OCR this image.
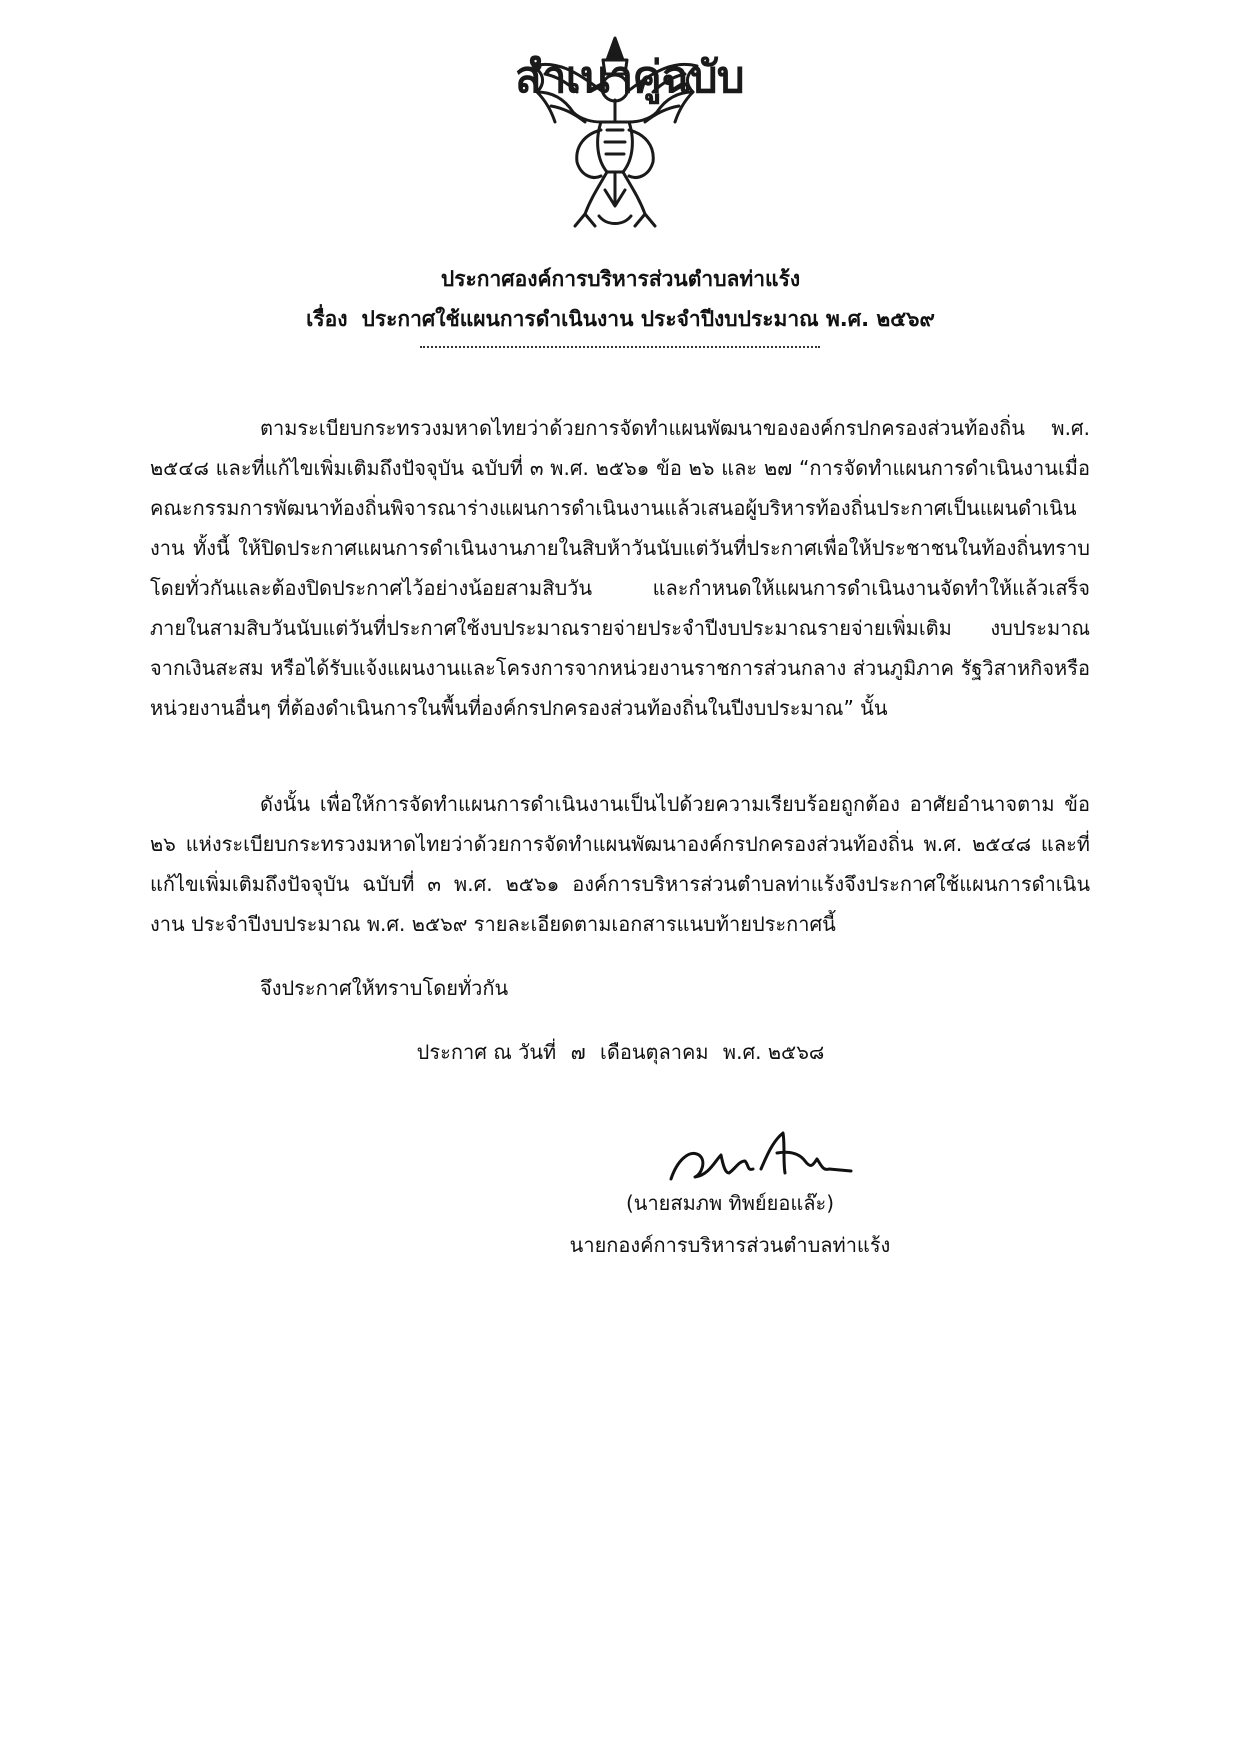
สำเนาคู่ฉบับ
ประกาศองค์การบริหารส่วนตำบลท่าแร้ง
เรื่อง ประกาศใช้แผนการดำเนินงาน ประจำปีงบประมาณ พ.ศ. ๒๕๖๙

ตามระเบียบกระทรวงมหาดไทยว่าด้วยการจัดทำแผนพัฒนาขององค์กรปกครองส่วนท้องถิ่น พ.ศ. ๒๕๔๘ และที่แก้ไขเพิ่มเติมถึงปัจจุบัน ฉบับที่ ๓ พ.ศ. ๒๕๖๑ ข้อ ๒๖ และ ๒๗ “การจัดทำแผนการดำเนินงานเมื่อคณะกรรมการพัฒนาท้องถิ่นพิจารณาร่างแผนการดำเนินงานแล้วเสนอผู้บริหารท้องถิ่นประกาศเป็นแผนดำเนินงาน ทั้งนี้ ให้ปิดประกาศแผนการดำเนินงานภายในสิบห้าวันนับแต่วันที่ประกาศเพื่อให้ประชาชนในท้องถิ่นทราบ โดยทั่วกันและต้องปิดประกาศไว้อย่างน้อยสามสิบวัน และกำหนดให้แผนการดำเนินงานจัดทำให้แล้วเสร็จภายในสามสิบวันนับแต่วันที่ประกาศใช้งบประมาณรายจ่ายประจำปีงบประมาณรายจ่ายเพิ่มเติม งบประมาณจากเงินสะสม หรือได้รับแจ้งแผนงานและโครงการจากหน่วยงานราชการส่วนกลาง ส่วนภูมิภาค รัฐวิสาหกิจหรือหน่วยงานอื่นๆ ที่ต้องดำเนินการในพื้นที่องค์กรปกครองส่วนท้องถิ่นในปีงบประมาณ” นั้น

ดังนั้น เพื่อให้การจัดทำแผนการดำเนินงานเป็นไปด้วยความเรียบร้อยถูกต้อง อาศัยอำนาจตาม ข้อ ๒๖ แห่งระเบียบกระทรวงมหาดไทยว่าด้วยการจัดทำแผนพัฒนาองค์กรปกครองส่วนท้องถิ่น พ.ศ. ๒๕๔๘ และที่แก้ไขเพิ่มเติมถึงปัจจุบัน ฉบับที่ ๓ พ.ศ. ๒๕๖๑ องค์การบริหารส่วนตำบลท่าแร้งจึงประกาศใช้แผนการดำเนินงาน ประจำปีงบประมาณ พ.ศ. ๒๕๖๙ รายละเอียดตามเอกสารแนบท้ายประกาศนี้

จึงประกาศให้ทราบโดยทั่วกัน

ประกาศ ณ วันที่ ๗ เดือนตุลาคม พ.ศ. ๒๕๖๘
(นายสมภพ ทิพย์ยอแล๊ะ)
นายกองค์การบริหารส่วนตำบลท่าแร้ง
